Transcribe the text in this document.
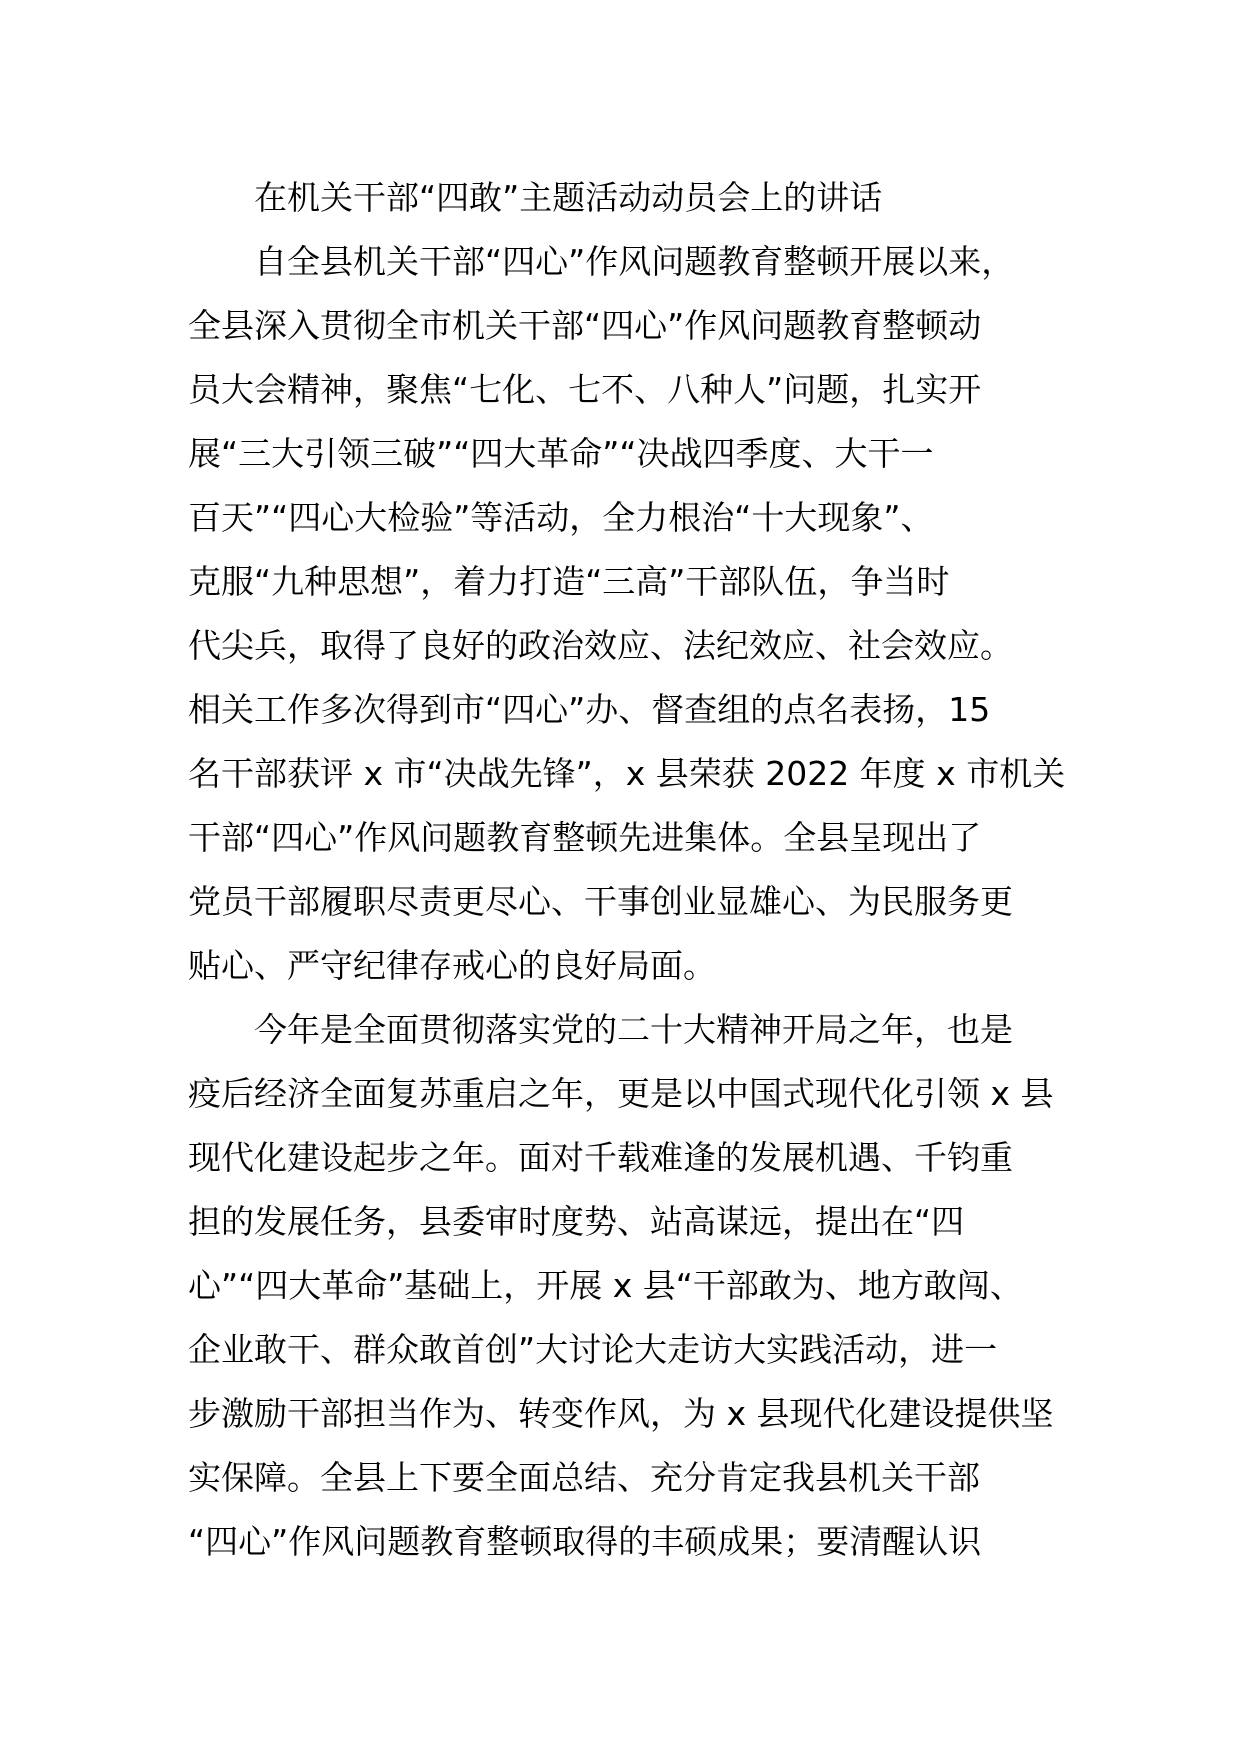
在机关干部“四敢”主题活动动员会上的讲话
自全县机关干部“四心”作风问题教育整顿开展以来，
全县深入贯彻全市机关干部“四心”作风问题教育整顿动
员大会精神，聚焦“七化、七不、八种人”问题，扎实开
展“三大引领三破”“四大革命”“决战四季度、大干一
百天”“四心大检验”等活动，全力根治“十大现象”、
克服“九种思想”，着力打造“三高”干部队伍，争当时
代尖兵，取得了良好的政治效应、法纪效应、社会效应。
相关工作多次得到市“四心”办、督查组的点名表扬，15
名干部获评 x 市“决战先锋”，x 县荣获 2022 年度 x 市机关
干部“四心”作风问题教育整顿先进集体。全县呈现出了
党员干部履职尽责更尽心、干事创业显雄心、为民服务更
贴心、严守纪律存戒心的良好局面。
今年是全面贯彻落实党的二十大精神开局之年，也是
疫后经济全面复苏重启之年，更是以中国式现代化引领 x 县
现代化建设起步之年。面对千载难逢的发展机遇、千钧重
担的发展任务，县委审时度势、站高谋远，提出在“四
心”“四大革命”基础上，开展 x 县“干部敢为、地方敢闯、
企业敢干、群众敢首创”大讨论大走访大实践活动，进一
步激励干部担当作为、转变作风，为 x 县现代化建设提供坚
实保障。全县上下要全面总结、充分肯定我县机关干部
“四心”作风问题教育整顿取得的丰硕成果；要清醒认识
